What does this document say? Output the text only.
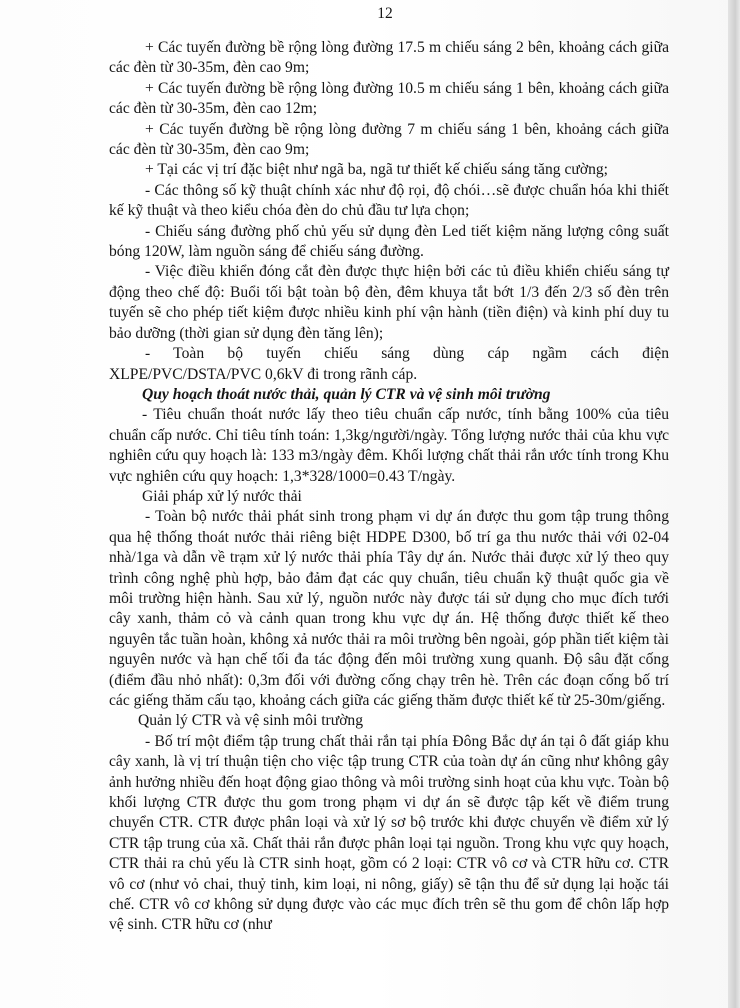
12

+ Các tuyến đường bề rộng lòng đường 17.5 m chiếu sáng 2 bên, khoảng cách giữa các đèn từ 30-35m, đèn cao 9m;

+ Các tuyến đường bề rộng lòng đường 10.5 m chiếu sáng 1 bên, khoảng cách giữa các đèn từ 30-35m, đèn cao 12m;

+ Các tuyến đường bề rộng lòng đường 7 m chiếu sáng 1 bên, khoảng cách giữa các đèn từ 30-35m, đèn cao 9m;

+ Tại các vị trí đặc biệt như ngã ba, ngã tư thiết kế chiếu sáng tăng cường;

- Các thông số kỹ thuật chính xác như độ rọi, độ chói…sẽ được chuẩn hóa khi thiết kế kỹ thuật và theo kiểu chóa đèn do chủ đầu tư lựa chọn;

- Chiếu sáng đường phố chủ yếu sử dụng đèn Led tiết kiệm năng lượng công suất bóng 120W, làm nguồn sáng để chiếu sáng đường.

- Việc điều khiển đóng cắt đèn được thực hiện bởi các tủ điều khiển chiếu sáng tự động theo chế độ: Buổi tối bật toàn bộ đèn, đêm khuya tắt bớt 1/3 đến 2/3 số đèn trên tuyến sẽ cho phép tiết kiệm được nhiều kinh phí vận hành (tiền điện) và kinh phí duy tu bảo dưỡng (thời gian sử dụng đèn tăng lên);

- Toàn bộ tuyến chiếu sáng dùng cáp ngầm cách điện

XLPE/PVC/DSTA/PVC 0,6kV đi trong rãnh cáp.

Quy hoạch thoát nước thải, quản lý CTR và vệ sinh môi trường

- Tiêu chuẩn thoát nước lấy theo tiêu chuẩn cấp nước, tính bằng 100% của tiêu chuẩn cấp nước. Chỉ tiêu tính toán: 1,3kg/người/ngày. Tổng lượng nước thải của khu vực nghiên cứu quy hoạch là: 133 m3/ngày đêm. Khối lượng chất thải rắn ước tính trong Khu vực nghiên cứu quy hoạch: 1,3*328/1000=0.43 T/ngày.

Giải pháp xử lý nước thải

- Toàn bộ nước thải phát sinh trong phạm vi dự án được thu gom tập trung thông qua hệ thống thoát nước thải riêng biệt HDPE D300, bố trí ga thu nước thải với 02-04 nhà/1ga và dẫn về trạm xử lý nước thải phía Tây dự án. Nước thải được xử lý theo quy trình công nghệ phù hợp, bảo đảm đạt các quy chuẩn, tiêu chuẩn kỹ thuật quốc gia về môi trường hiện hành. Sau xử lý, nguồn nước này được tái sử dụng cho mục đích tưới cây xanh, thảm cỏ và cảnh quan trong khu vực dự án. Hệ thống được thiết kế theo nguyên tắc tuần hoàn, không xả nước thải ra môi trường bên ngoài, góp phần tiết kiệm tài nguyên nước và hạn chế tối đa tác động đến môi trường xung quanh. Độ sâu đặt cống (điểm đầu nhỏ nhất): 0,3m đối với đường cống chạy trên hè. Trên các đoạn cống bố trí các giếng thăm cấu tạo, khoảng cách giữa các giếng thăm được thiết kế từ 25-30m/giếng.

Quản lý CTR và vệ sinh môi trường

- Bố trí một điểm tập trung chất thải rắn tại phía Đông Bắc dự án tại ô đất giáp khu cây xanh, là vị trí thuận tiện cho việc tập trung CTR của toàn dự án cũng như không gây ảnh hưởng nhiều đến hoạt động giao thông và môi trường sinh hoạt của khu vực. Toàn bộ khối lượng CTR được thu gom trong phạm vi dự án sẽ được tập kết về điểm trung chuyển CTR. CTR được phân loại và xử lý sơ bộ trước khi được chuyển về điểm xử lý CTR tập trung của xã. Chất thải rắn được phân loại tại nguồn. Trong khu vực quy hoạch, CTR thải ra chủ yếu là CTR sinh hoạt, gồm có 2 loại: CTR vô cơ và CTR hữu cơ. CTR vô cơ (như vỏ chai, thuỷ tinh, kim loại, ni nông, giấy) sẽ tận thu để sử dụng lại hoặc tái chế. CTR vô cơ không sử dụng được vào các mục đích trên sẽ thu gom để chôn lấp hợp vệ sinh. CTR hữu cơ (như
